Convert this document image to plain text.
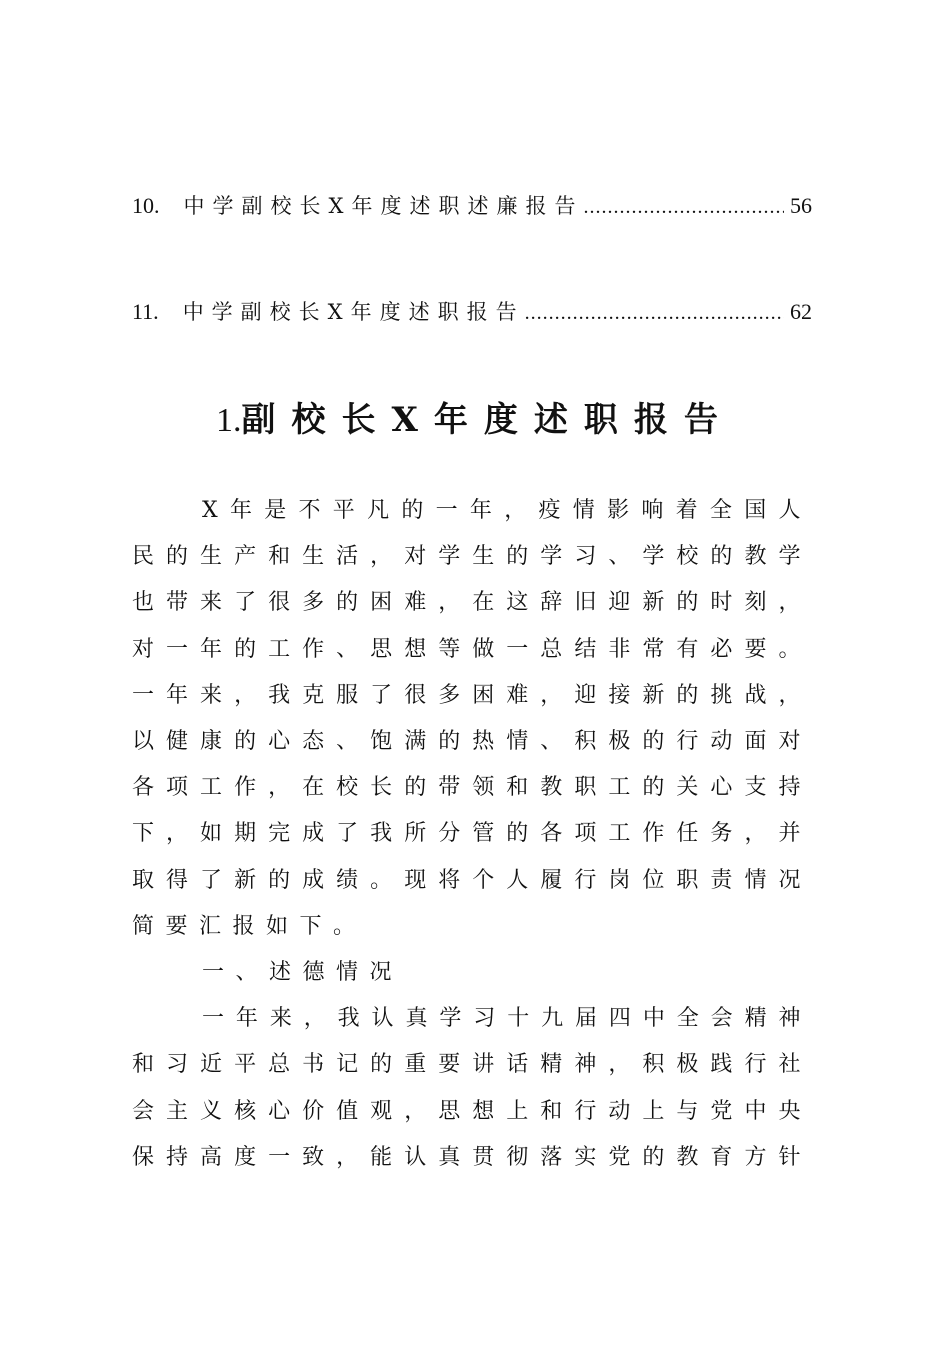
10. 中学副校长X年度述职述廉报告 .....	56
11. 中学副校长X年度述职报告 .....	62
1.副校长X年度述职报告

X年是不平凡的一年，疫情影响着全国人民的生产和生活，对学生的学习、学校的教学也带来了很多的困难，在这辞旧迎新的时刻，对一年的工作、思想等做一总结非常有必要。一年来，我克服了很多困难，迎接新的挑战，以健康的心态、饱满的热情、积极的行动面对各项工作，在校长的带领和教职工的关心支持下，如期完成了我所分管的各项工作任务，并取得了新的成绩。现将个人履行岗位职责情况简要汇报如下。

一、述德情况

一年来，我认真学习十九届四中全会精神和习近平总书记的重要讲话精神，积极践行社会主义核心价值观，思想上和行动上与党中央保持高度一致，能认真贯彻落实党的教育方针
